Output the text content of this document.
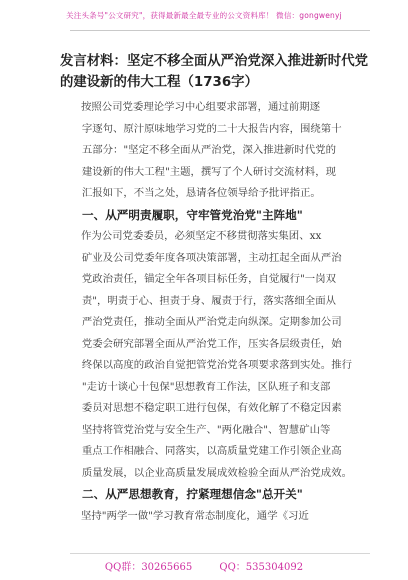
关注头条号"公文研究"，获得最新最全最专业的公文资料库！ 微信：gongwenyj
发言材料：坚定不移全面从严治党深入推进新时代党
的建设新的伟大工程（1736字）
按照公司党委理论学习中心组要求部署，通过前期逐
字逐句、原汁原味地学习党的二十大报告内容，围绕第十
五部分："坚定不移全面从严治党，深入推进新时代党的
建设新的伟大工程"主题，撰写了个人研讨交流材料，现
汇报如下，不当之处，恳请各位领导给予批评指正。
一、从严明责履职，守牢管党治党"主阵地"
作为公司党委委员，必须坚定不移贯彻落实集团、xx
矿业及公司党委年度各项决策部署，主动扛起全面从严治
党政治责任，锚定全年各项目标任务，自觉履行"一岗双
责"，明责于心、担责于身、履责于行，落实落细全面从
严治党责任，推动全面从严治党走向纵深。定期参加公司
党委会研究部署全面从严治党工作，压实各层级责任，始
终保以高度的政治自觉把管党治党各项要求落到实处。推行
"走访十谈心十包保"思想教育工作法，区队班子和支部
委员对思想不稳定职工进行包保，有效化解了不稳定因素
坚持将管党治党与安全生产、"两化融合"、智慧矿山等
重点工作相融合、同落实，以高质量党建工作引领企业高
质量发展，以企业高质量发展成效检验全面从严治党成效。
二、从严思想教育，拧紧理想信念"总开关"
坚持"两学一做"学习教育常态制度化，通学《习近
QQ群：30265665	QQ：535304092
